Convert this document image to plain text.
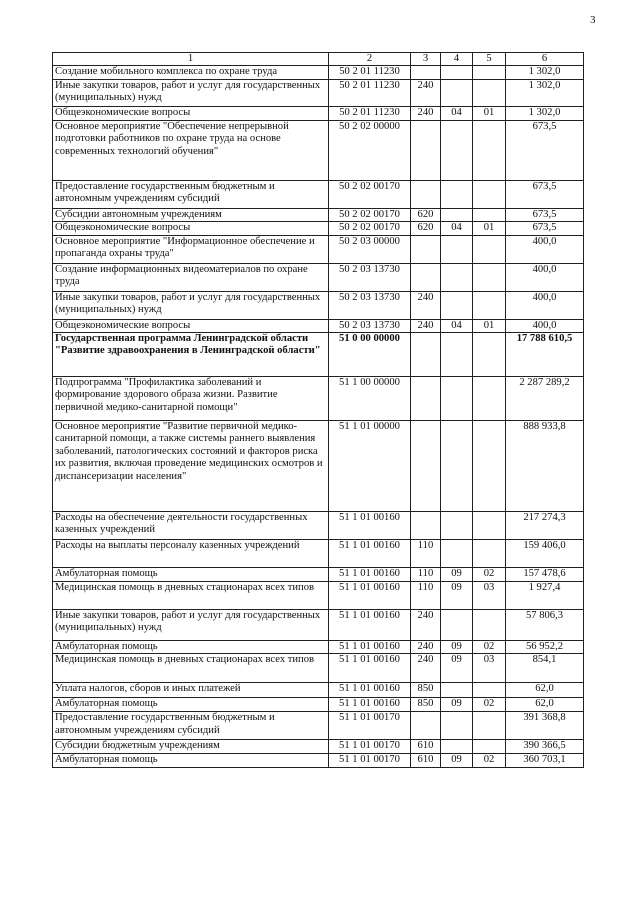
3
1	2	3	4	5	6
Создание мобильного комплекса по охране труда	50 2 01 11230				1 302,0
Иные закупки товаров, работ и услуг для государственных (муниципальных) нужд	50 2 01 11230	240			1 302,0
Общеэкономические вопросы	50 2 01 11230	240	04	01	1 302,0
Основное мероприятие "Обеспечение непрерывной подготовки работников по охране труда на основе современных технологий обучения"	50 2 02 00000				673,5
Предоставление государственным бюджетным и автономным учреждениям субсидий	50 2 02 00170				673,5
Субсидии автономным учреждениям	50 2 02 00170	620			673,5
Общеэкономические вопросы	50 2 02 00170	620	04	01	673,5
Основное мероприятие "Информационное обеспечение и пропаганда охраны труда"	50 2 03 00000				400,0
Создание информационных видеоматериалов по охране труда	50 2 03 13730				400,0
Иные закупки товаров, работ и услуг для государственных (муниципальных) нужд	50 2 03 13730	240			400,0
Общеэкономические вопросы	50 2 03 13730	240	04	01	400,0
Государственная программа Ленинградской области "Развитие здравоохранения в Ленинградской области"	51 0 00 00000				17 788 610,5
Подпрограмма "Профилактика заболеваний и формирование здорового образа жизни. Развитие первичной медико-санитарной помощи"	51 1 00 00000				2 287 289,2
Основное мероприятие "Развитие первичной медико-санитарной помощи, а также системы раннего выявления заболеваний, патологических состояний и факторов риска их развития, включая проведение медицинских осмотров и диспансеризации населения"	51 1 01 00000				888 933,8
Расходы на обеспечение деятельности государственных казенных учреждений	51 1 01 00160				217 274,3
Расходы на выплаты персоналу казенных учреждений	51 1 01 00160	110			159 406,0
Амбулаторная помощь	51 1 01 00160	110	09	02	157 478,6
Медицинская помощь в дневных стационарах всех типов	51 1 01 00160	110	09	03	1 927,4
Иные закупки товаров, работ и услуг для государственных (муниципальных) нужд	51 1 01 00160	240			57 806,3
Амбулаторная помощь	51 1 01 00160	240	09	02	56 952,2
Медицинская помощь в дневных стационарах всех типов	51 1 01 00160	240	09	03	854,1
Уплата налогов, сборов и иных платежей	51 1 01 00160	850			62,0
Амбулаторная помощь	51 1 01 00160	850	09	02	62,0
Предоставление государственным бюджетным и автономным учреждениям субсидий	51 1 01 00170				391 368,8
Субсидии бюджетным учреждениям	51 1 01 00170	610			390 366,5
Амбулаторная помощь	51 1 01 00170	610	09	02	360 703,1
